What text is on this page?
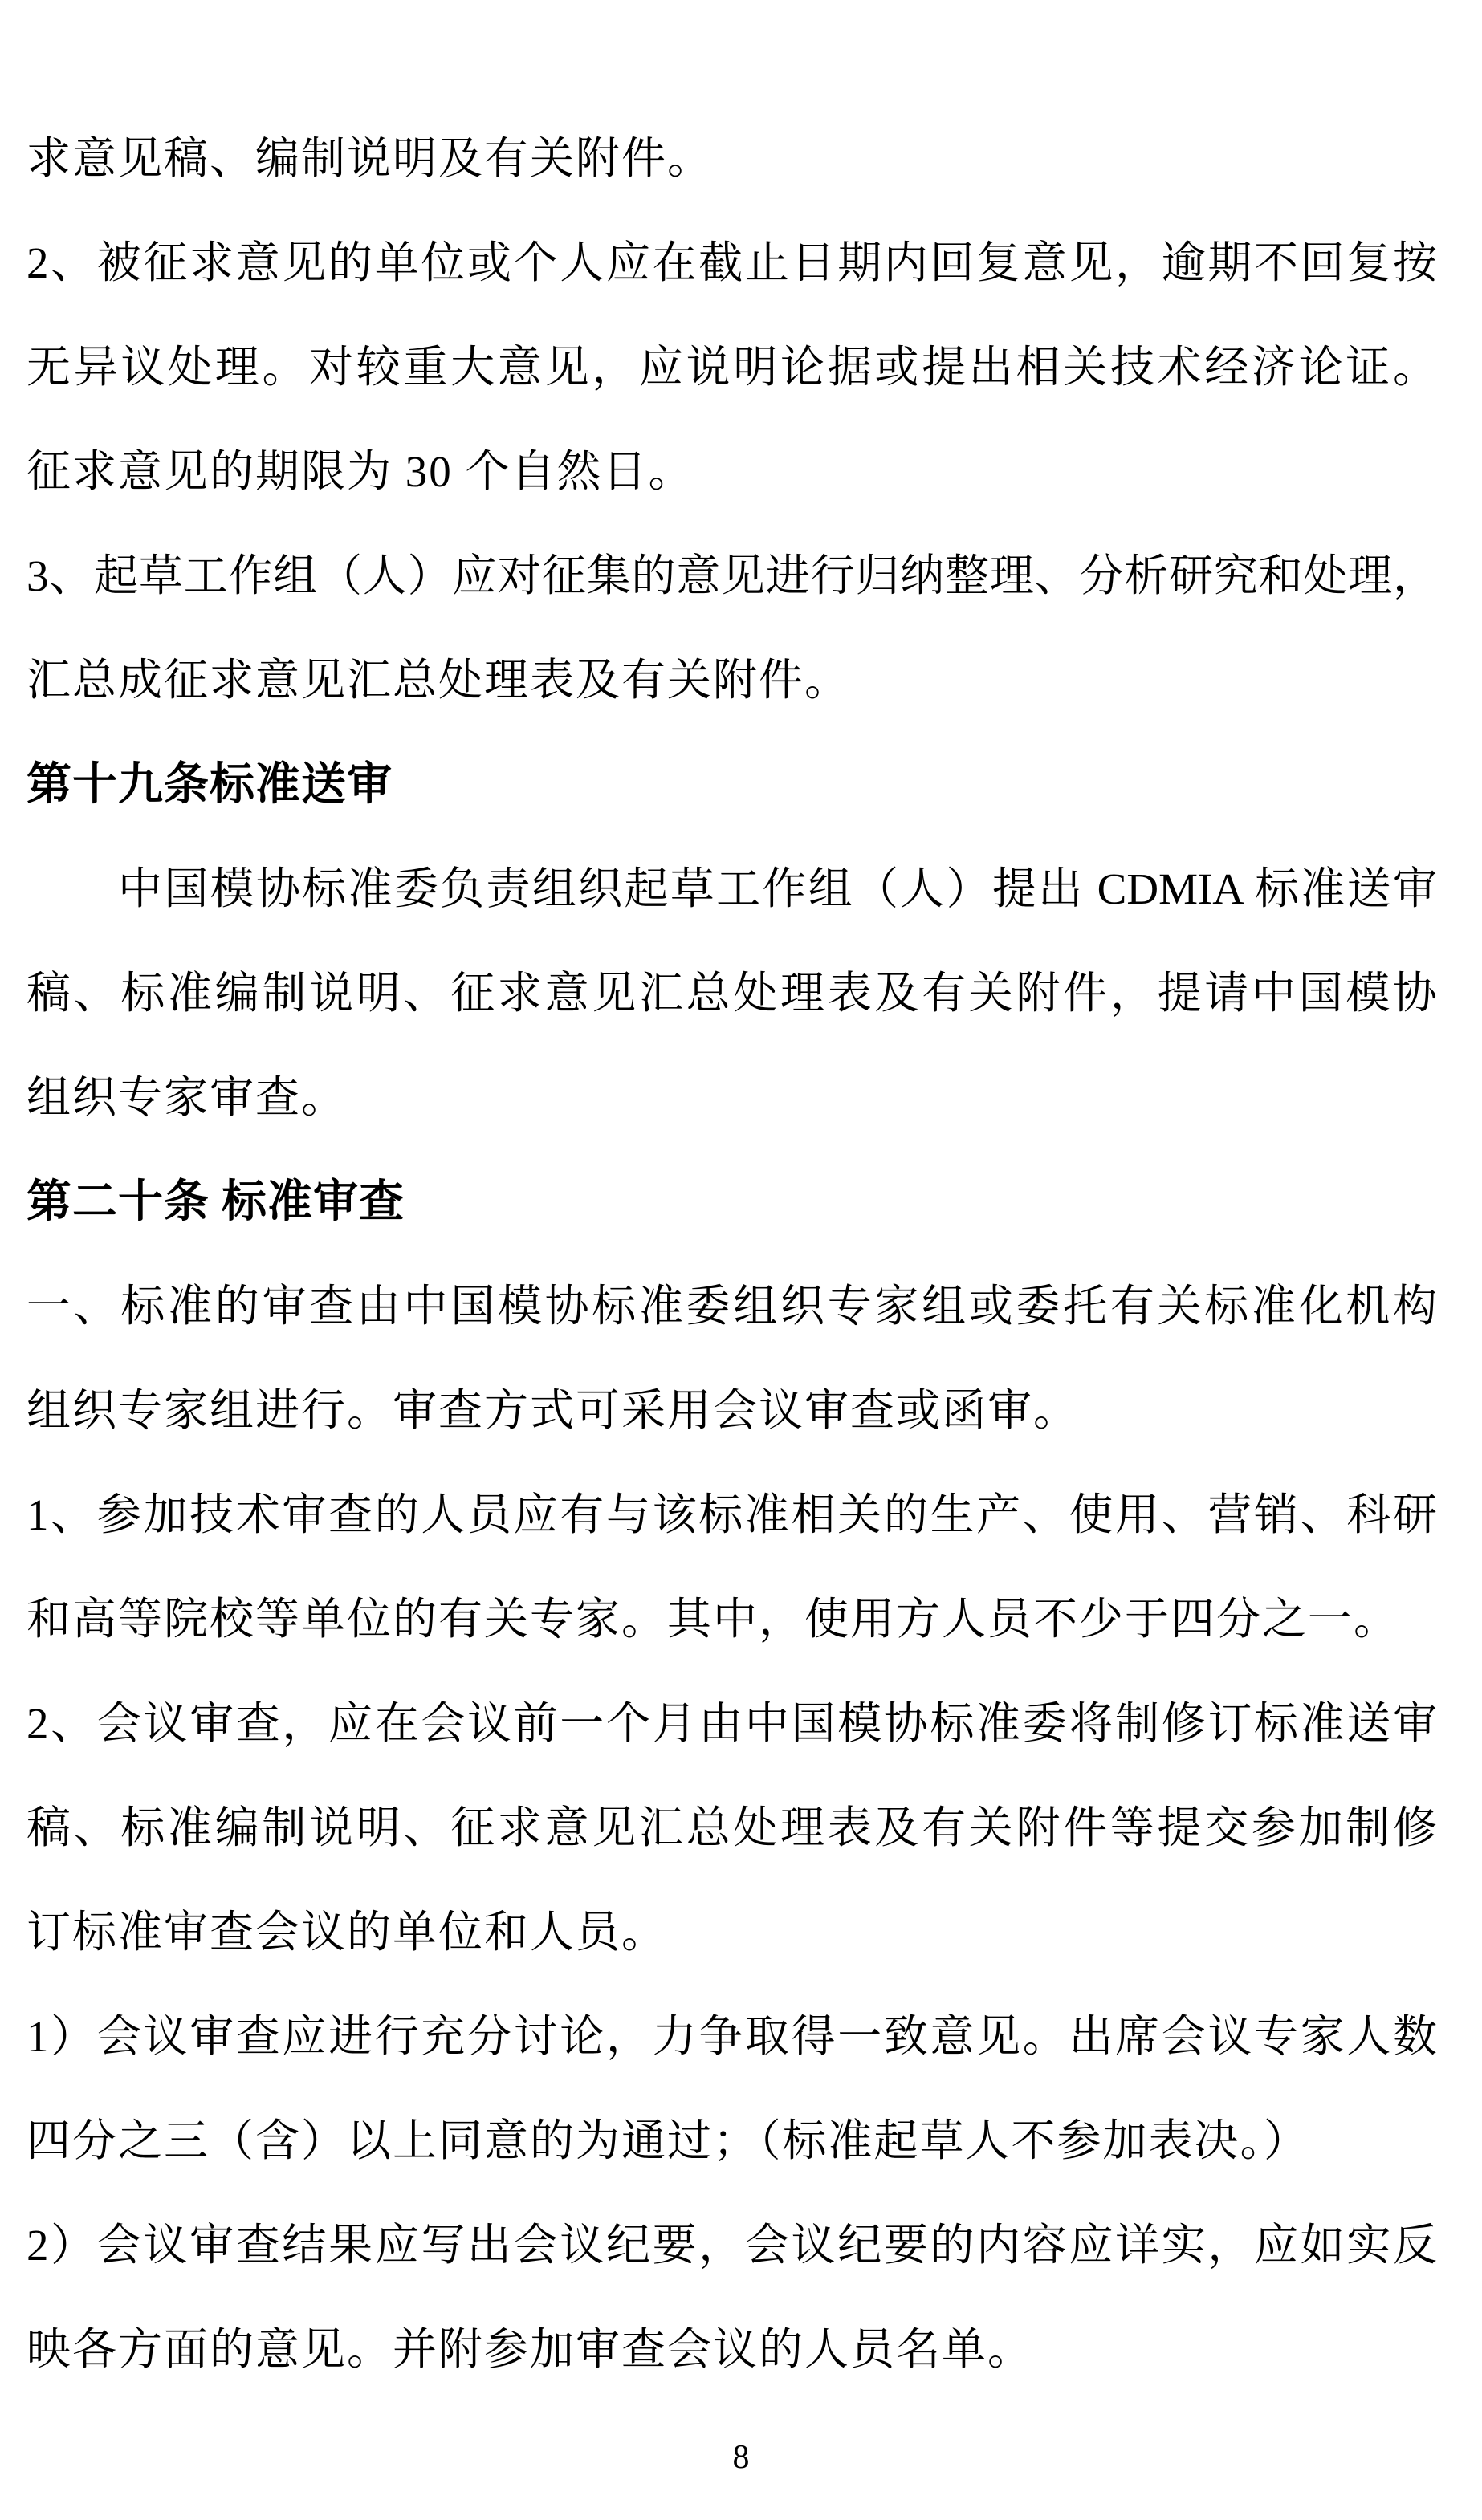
求意见稿、编制说明及有关附件。
2、被征求意见的单位或个人应在截止日期内回复意见，逾期不回复按
无异议处理。对较重大意见，应说明论据或提出相关技术经济论证。
征求意见的期限为 30 个自然日。
3、起草工作组（人）应对征集的意见进行归纳整理、分析研究和处理，
汇总成征求意见汇总处理表及有关附件。
第十九条标准送审
中国模协标准委负责组织起草工作组（人）提出 CDMIA 标准送审
稿、标准编制说明、征求意见汇总处理表及有关附件，提请中国模协
组织专家审查。
第二十条 标准审查
一、标准的审查由中国模协标准委组织专家组或委托有关标准化机构
组织专家组进行。审查方式可采用会议审查或函审。
1、参加技术审查的人员应有与该标准相关的生产、使用、营销、科研
和高等院校等单位的有关专家。其中，使用方人员不少于四分之一。
2、会议审查，应在会议前一个月由中国模协标准委将制修订标准送审
稿、标准编制说明、征求意见汇总处理表及有关附件等提交参加制修
订标准审查会议的单位和人员。
1）会议审查应进行充分讨论，力争取得一致意见。出席会议专家人数
四分之三（含）以上同意的为通过；（标准起草人不参加表决。）
2）会议审查结果应写出会议纪要，会议纪要的内容应详实，应如实反
映各方面的意见。并附参加审查会议的人员名单。
8
